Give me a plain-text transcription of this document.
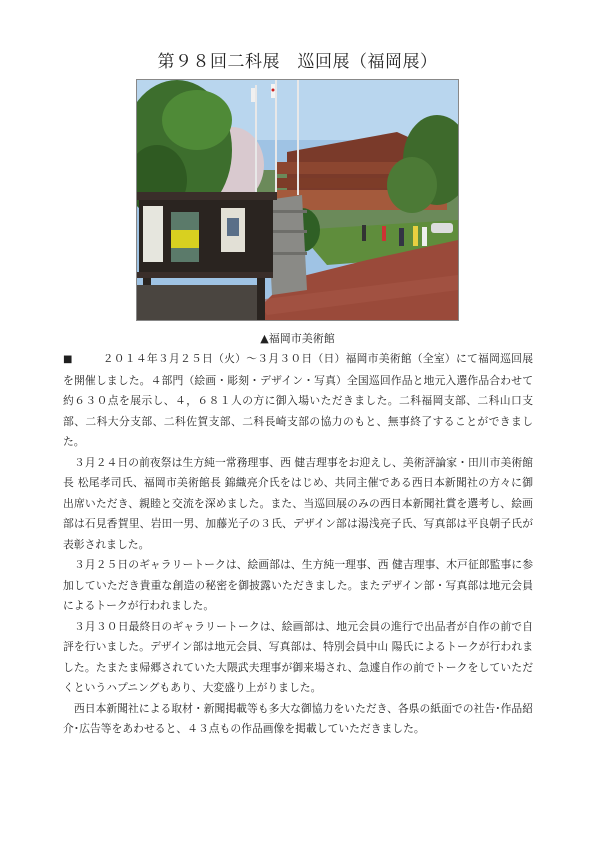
第９８回二科展　巡回展（福岡展）
▲福岡市美術館

■	２０１４年３月２５日（火）～３月３０日（日）福岡市美術館（全室）にて福岡巡回展を開催しました。４部門（絵画・彫刻・デザイン・写真）全国巡回作品と地元入選作品合わせて約６３０点を展示し、４，６８１人の方に御入場いただきました。二科福岡支部、二科山口支部、二科大分支部、二科佐賀支部、二科長崎支部の協力のもと、無事終了することができました。

３月２４日の前夜祭は生方純一常務理事、西 健吉理事をお迎えし、美術評論家・田川市美術館長 松尾孝司氏、福岡市美術館長 錦織亮介氏をはじめ、共同主催である西日本新聞社の方々に御出席いただき、親睦と交流を深めました。また、当巡回展のみの西日本新聞社賞を選考し、絵画部は石見香賀里、岩田一男、加藤光子の３氏、デザイン部は湯浅亮子氏、写真部は平良朝子氏が表彰されました。

３月２５日のギャラリートークは、絵画部は、生方純一理事、西 健吉理事、木戸征郎監事に参加していただき貴重な創造の秘密を御披露いただきました。またデザイン部・写真部は地元会員によるトークが行われました。

３月３０日最終日のギャラリートークは、絵画部は、地元会員の進行で出品者が自作の前で自評を行いました。デザイン部は地元会員、写真部は、特別会員中山 陽氏によるトークが行われました。たまたま帰郷されていた大隈武夫理事が御来場され、急遽自作の前でトークをしていただくというハプニングもあり、大変盛り上がりました。

西日本新聞社による取材・新聞掲載等も多大な御協力をいただき、各県の紙面での社告･作品紹介･広告等をあわせると、４３点もの作品画像を掲載していただきました。
